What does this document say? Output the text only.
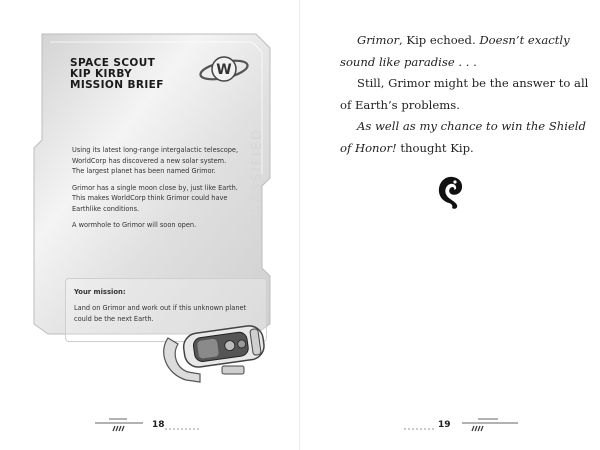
SPACE SCOUT
KIP KIRBY
MISSION BRIEF
W
CLASSIFIED

Using its latest long-range intergalactic telescope, WorldCorp has discovered a new solar system. The largest planet has been named Grimor.

Grimor has a single moon close by, just like Earth. This makes WorldCorp think Grimor could have Earthlike conditions.

A wormhole to Grimor will soon open.

Your mission:

Land on Grimor and work out if this unknown planet could be the next Earth.

18

Grimor, Kip echoed. Doesn’t exactly sound like paradise . . .

Still, Grimor might be the answer to all of Earth’s problems.

As well as my chance to win the Shield of Honor! thought Kip.

19
